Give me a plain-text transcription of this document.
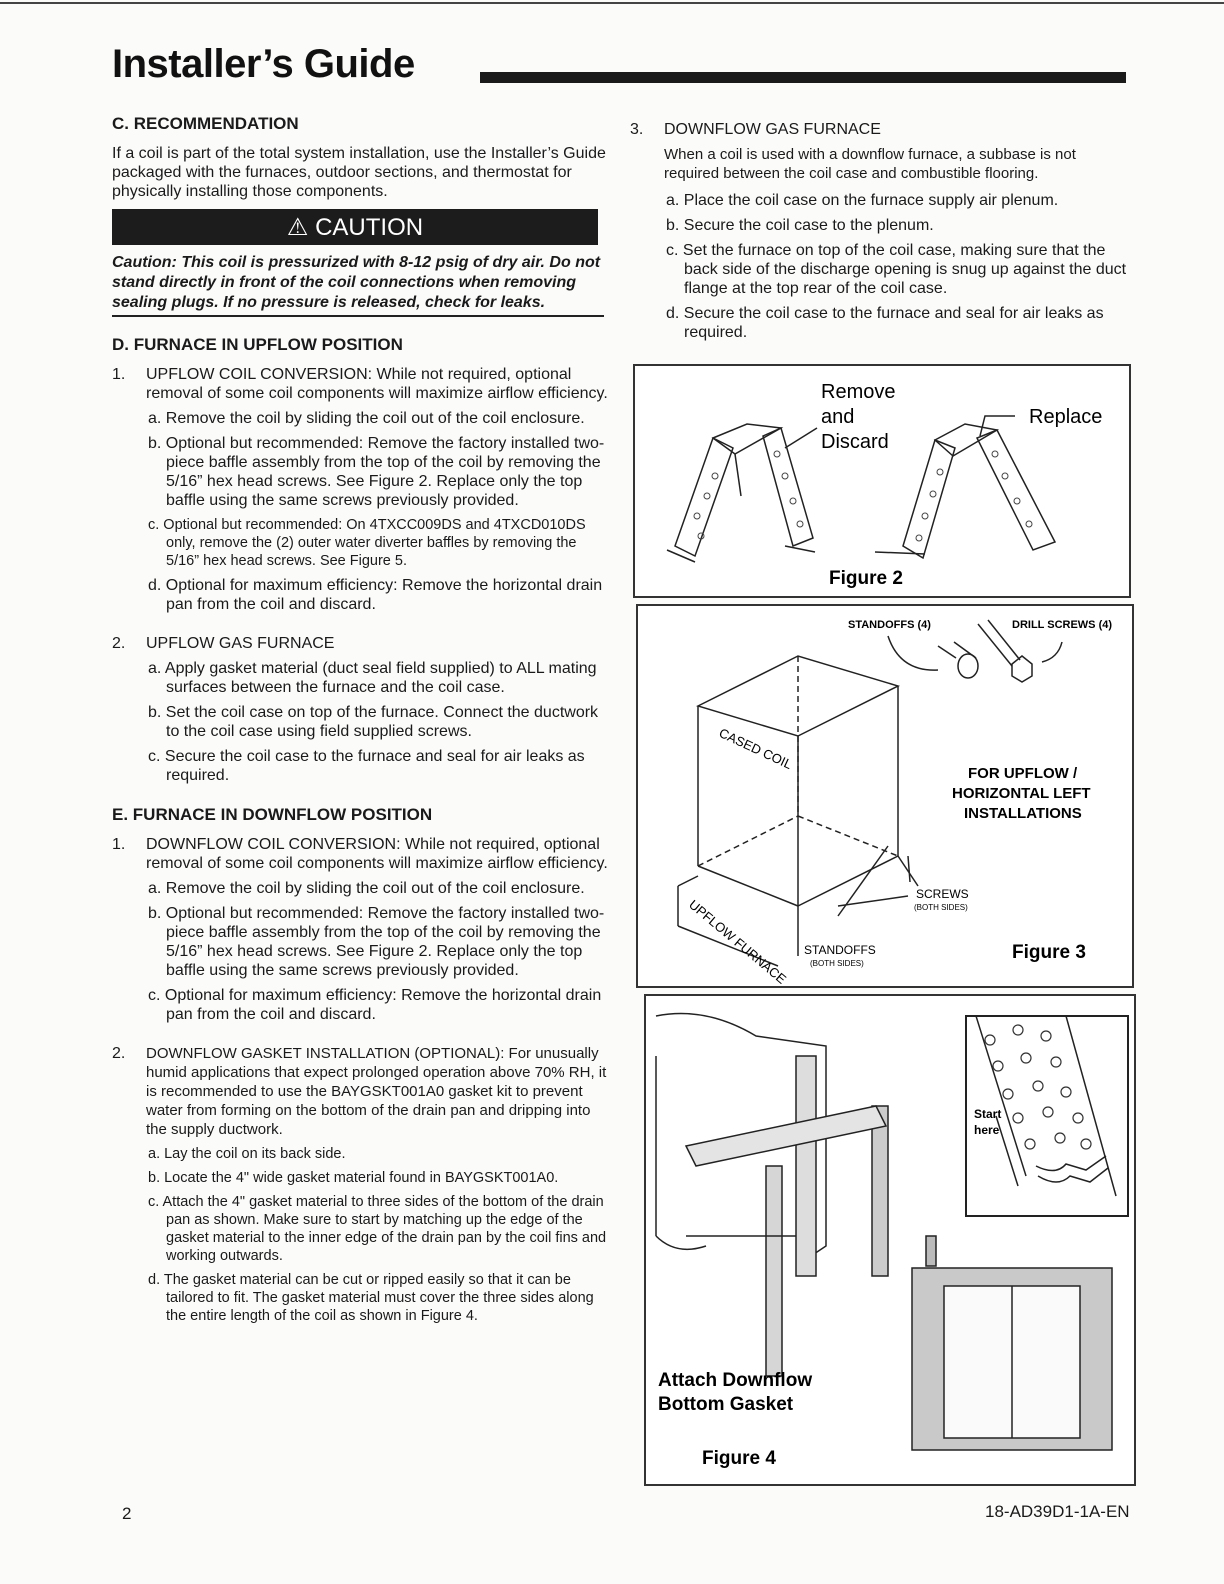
Installer’s Guide
C. RECOMMENDATION

If a coil is part of the total system installation, use the Installer’s Guide packaged with the furnaces, outdoor sections, and thermostat for physically installing those components.

⚠ CAUTION
Caution: This coil is pressurized with 8-12 psig of dry air. Do not stand directly in front of the coil connections when removing sealing plugs. If no pressure is released, check for leaks.
D. FURNACE IN UPFLOW POSITION
1.	UPFLOW COIL CONVERSION: While not required, optional removal of some coil components will maximize airflow efficiency.
a. Remove the coil by sliding the coil out of the coil enclosure.
b. Optional but recommended: Remove the factory installed two-piece baffle assembly from the top of the coil by removing the 5/16” hex head screws. See Figure 2. Replace only the top baffle using the same screws previously provided.
c. Optional but recommended: On 4TXCC009DS and 4TXCD010DS only, remove the (2) outer water diverter baffles by removing the 5/16” hex head screws. See Figure 5.
d. Optional for maximum efficiency: Remove the horizontal drain pan from the coil and discard.
2.	UPFLOW GAS FURNACE
a. Apply gasket material (duct seal field supplied) to ALL mating surfaces between the furnace and the coil case.
b. Set the coil case on top of the furnace. Connect the ductwork to the coil case using field supplied screws.
c. Secure the coil case to the furnace and seal for air leaks as required.
E. FURNACE IN DOWNFLOW POSITION
1.	DOWNFLOW COIL CONVERSION: While not required, optional removal of some coil components will maximize airflow efficiency.
a. Remove the coil by sliding the coil out of the coil enclosure.
b. Optional but recommended: Remove the factory installed two-piece baffle assembly from the top of the coil by removing the 5/16” hex head screws. See Figure 2. Replace only the top baffle using the same screws previously provided.
c. Optional for maximum efficiency: Remove the horizontal drain pan from the coil and discard.
2.	DOWNFLOW GASKET INSTALLATION (OPTIONAL): For unusually humid applications that expect prolonged operation above 70% RH, it is recommended to use the BAYGSKT001A0 gasket kit to prevent water from forming on the bottom of the drain pan and dripping into the supply ductwork.
a. Lay the coil on its back side.
b. Locate the 4" wide gasket material found in BAYGSKT001A0.
c. Attach the 4" gasket material to three sides of the bottom of the drain pan as shown. Make sure to start by matching up the edge of the gasket material to the inner edge of the drain pan by the coil fins and working outwards.
d. The gasket material can be cut or ripped easily so that it can be tailored to fit. The gasket material must cover the three sides along the entire length of the coil as shown in Figure 4.
3.	DOWNFLOW GAS FURNACE

When a coil is used with a downflow furnace, a subbase is not required between the coil case and combustible flooring.

a. Place the coil case on the furnace supply air plenum.
b. Secure the coil case to the plenum.
c. Set the furnace on top of the coil case, making sure that the back side of the discharge opening is snug up against the duct flange at the top rear of the coil case.
d. Secure the coil case to the furnace and seal for air leaks as required.
Remove
and
Discard
Replace
Figure 2
STANDOFFS (4)	DRILL SCREWS (4)
CASED COIL
UPFLOW FURNACE
FOR UPFLOW /
HORIZONTAL LEFT
INSTALLATIONS
SCREWS
(BOTH SIDES)
STANDOFFS
(BOTH SIDES)
Figure 3
Start
here
Attach Downflow
Bottom Gasket
Figure 4
2	18-AD39D1-1A-EN
